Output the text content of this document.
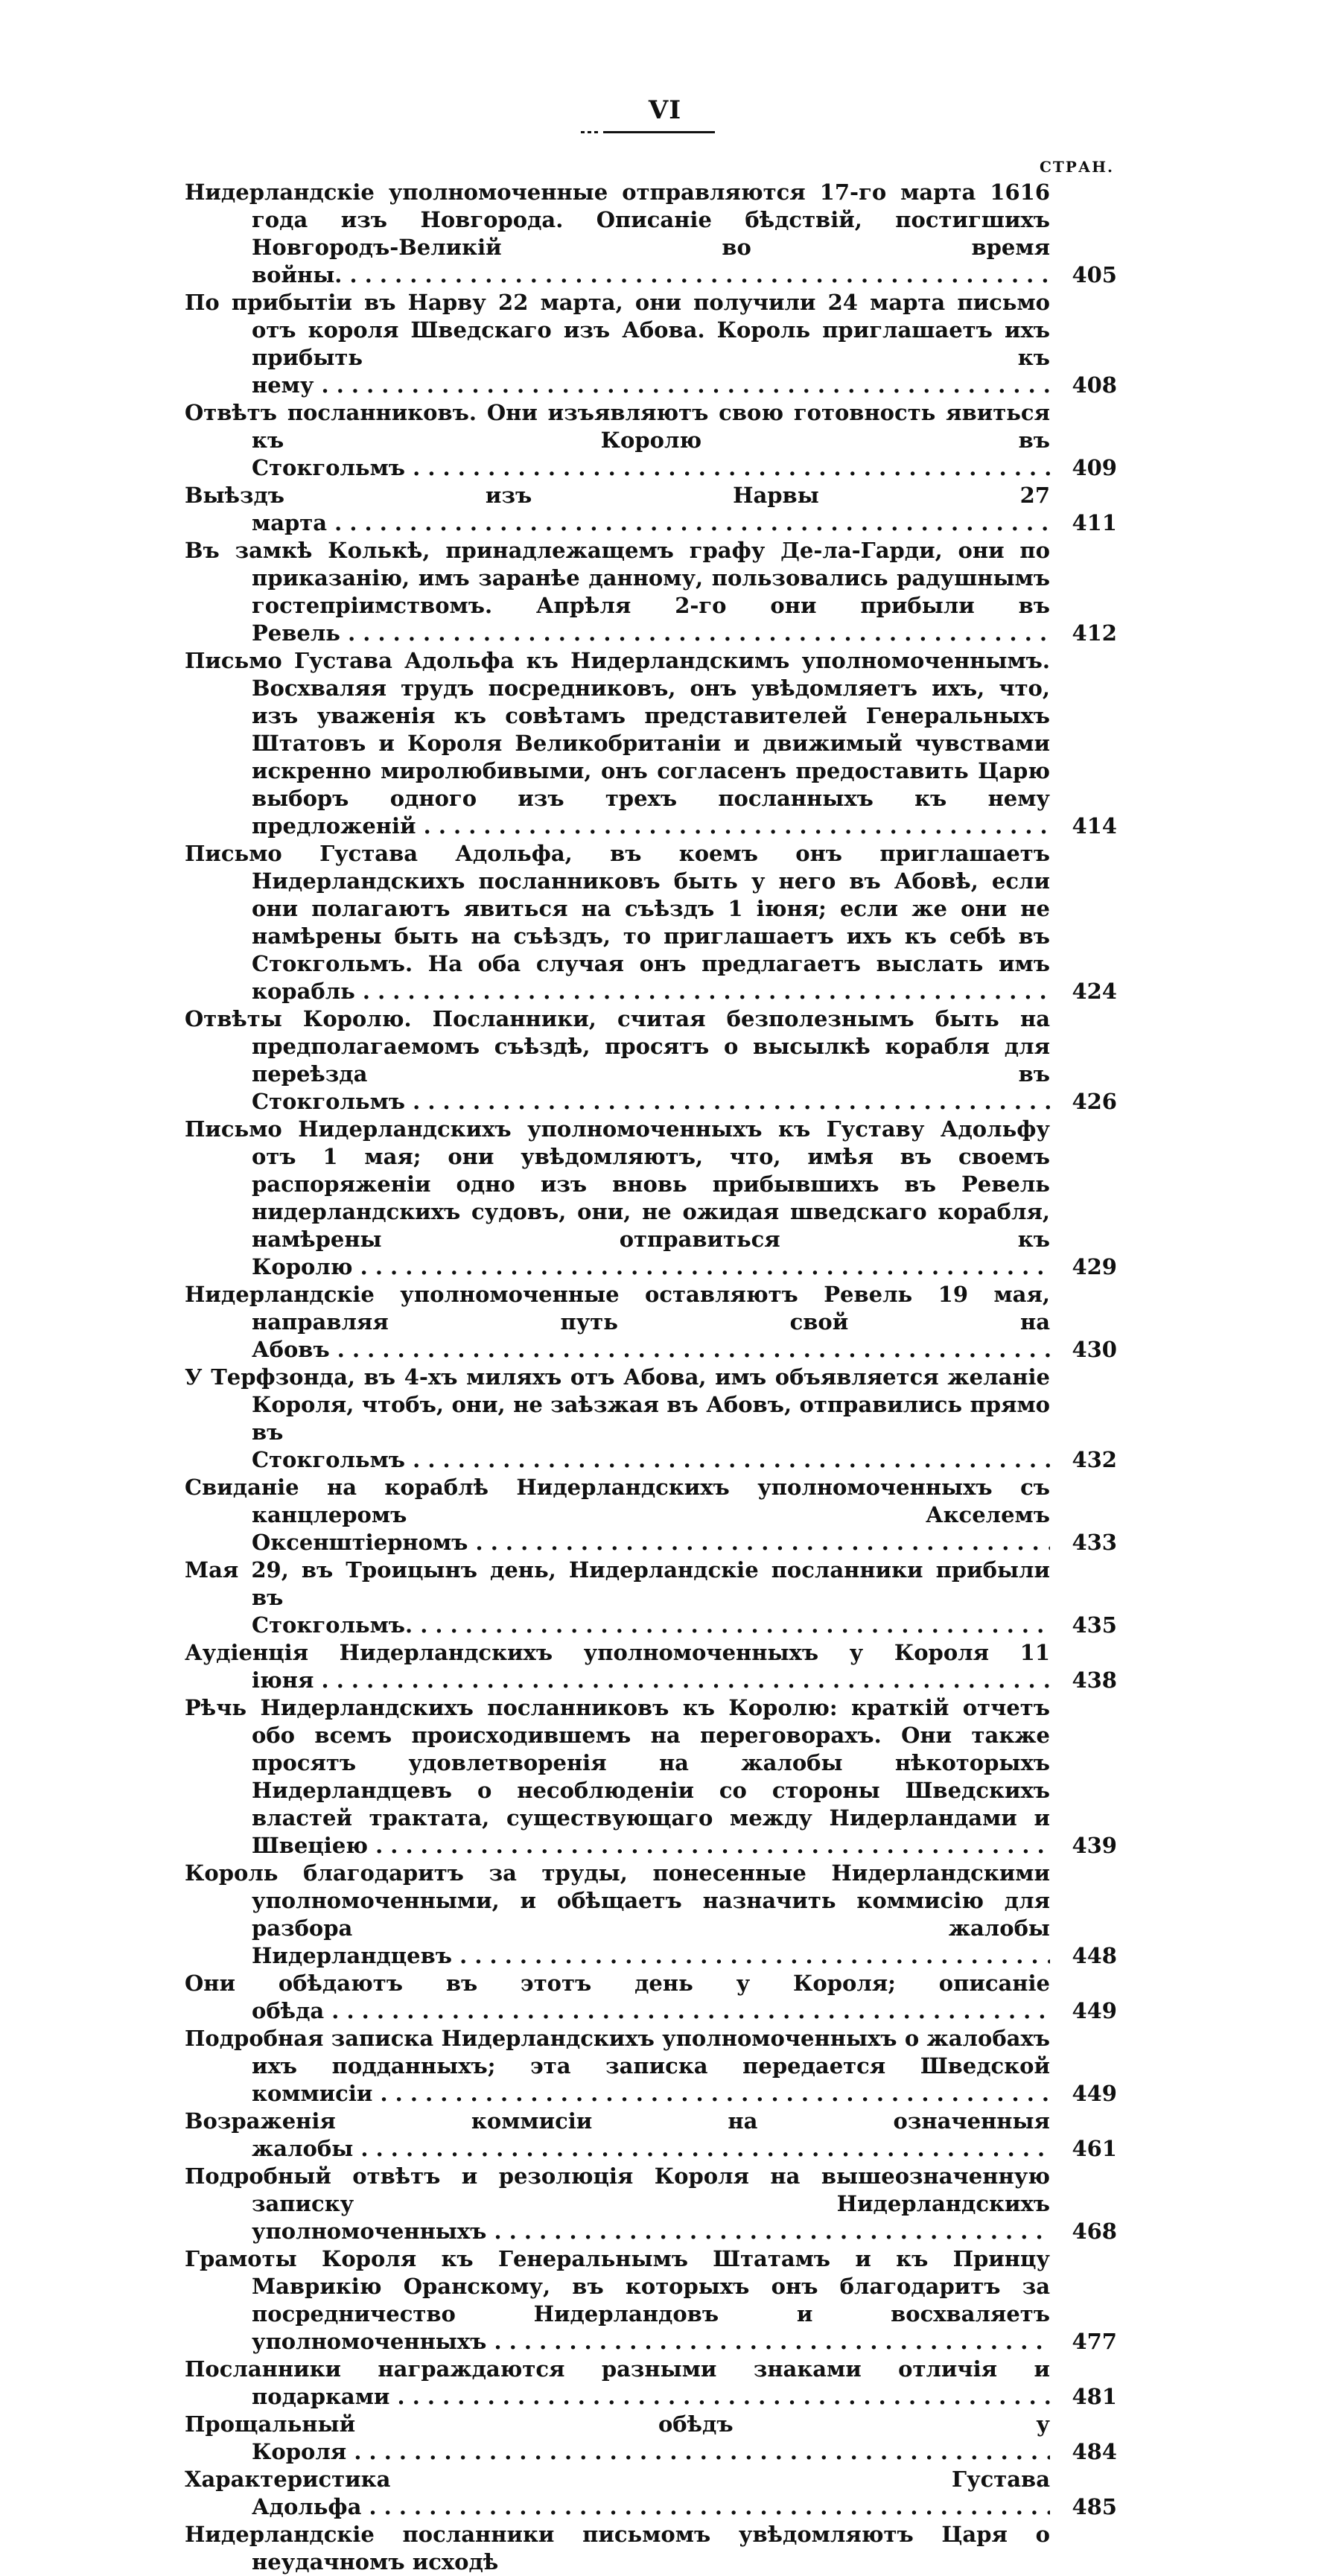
VI
СТРАН.
Нидерландскіе уполномоченные отправляются 17-го марта 1616 года изъ Новгорода. Описаніе бѣдствій, постигшихъ Новгородъ-Великій во время войны. . . .	405
По прибытіи въ Нарву 22 марта, они получили 24 марта письмо отъ короля Шведскаго изъ Абова. Король приглашаетъ ихъ прибыть къ нему . . .	408
Отвѣтъ посланниковъ. Они изъявляютъ свою готовность явиться къ Королю въ Стокгольмъ . . .	409
Выѣздъ изъ Нарвы 27 марта . . .	411
Въ замкѣ Колькѣ, принадлежащемъ графу Де-ла-Гарди, они по приказанію, имъ заранѣе данному, пользовались радушнымъ гостепріимствомъ. Апрѣля 2-го они прибыли въ Ревель . . .	412
Письмо Густава Адольфа къ Нидерландскимъ уполномоченнымъ. Восхваляя трудъ посредниковъ, онъ увѣдомляетъ ихъ, что, изъ уваженія къ совѣтамъ представителей Генеральныхъ Штатовъ и Короля Великобританіи и движимый чувствами искренно миролюбивыми, онъ согласенъ предоставить Царю выборъ одного изъ трехъ посланныхъ къ нему предложеній . . .	414
Письмо Густава Адольфа, въ коемъ онъ приглашаетъ Нидерландскихъ посланниковъ быть у него въ Абовѣ, если они полагаютъ явиться на съѣздъ 1 іюня; если же они не намѣрены быть на съѣздъ, то приглашаетъ ихъ къ себѣ въ Стокгольмъ. На оба случая онъ предлагаетъ выслать имъ корабль . . .	424
Отвѣты Королю. Посланники, считая безполезнымъ быть на предполагаемомъ съѣздѣ, просятъ о высылкѣ корабля для переѣзда въ Стокгольмъ . . .	426
Письмо Нидерландскихъ уполномоченныхъ къ Густаву Адольфу отъ 1 мая; они увѣдомляютъ, что, имѣя въ своемъ распоряженіи одно изъ вновь прибывшихъ въ Ревель нидерландскихъ судовъ, они, не ожидая шведскаго корабля, намѣрены отправиться къ Королю . . .	429
Нидерландскіе уполномоченные оставляютъ Ревель 19 мая, направляя путь свой на Абовъ . . .	430
У Терфзонда, въ 4-хъ миляхъ отъ Абова, имъ объявляется желаніе Короля, чтобъ, они, не заѣзжая въ Абовъ, отправились прямо въ Стокгольмъ . . .	432
Свиданіе на кораблѣ Нидерландскихъ уполномоченныхъ съ канцлеромъ Акселемъ Оксенштіерномъ . . .	433
Мая 29, въ Троицынъ день, Нидерландскіе посланники прибыли въ Стокгольмъ. . . .	435
Аудіенція Нидерландскихъ уполномоченныхъ у Короля 11 іюня . . .	438
Рѣчь Нидерландскихъ посланниковъ къ Королю: краткій отчетъ обо всемъ происходившемъ на переговорахъ. Они также просятъ удовлетворенія на жалобы нѣкоторыхъ Нидерландцевъ о несоблюденіи со стороны Шведскихъ властей трактата, существующаго между Нидерландами и Швеціею . . .	439
Король благодаритъ за труды, понесенные Нидерландскими уполномоченными, и обѣщаетъ назначить коммисію для разбора жалобы Нидерландцевъ . . .	448
Они обѣдаютъ въ этотъ день у Короля; описаніе обѣда . . .	449
Подробная записка Нидерландскихъ уполномоченныхъ о жалобахъ ихъ подданныхъ; эта записка передается Шведской коммисіи . . .	449
Возраженія коммисіи на означенныя жалобы . . .	461
Подробный отвѣтъ и резолюція Короля на вышеозначенную записку Нидерландскихъ уполномоченныхъ . . .	468
Грамоты Короля къ Генеральнымъ Штатамъ и къ Принцу Маврикію Оранскому, въ которыхъ онъ благодаритъ за посредничество Нидерландовъ и восхваляетъ уполномоченныхъ . . .	477
Посланники награждаются разными знаками отличія и подарками . . .	481
Прощальный обѣдъ у Короля . . .	484
Характеристика Густава Адольфа . . .	485
Нидерландскіе посланники письмомъ увѣдомляютъ Царя о неудачномъ исходѣ
